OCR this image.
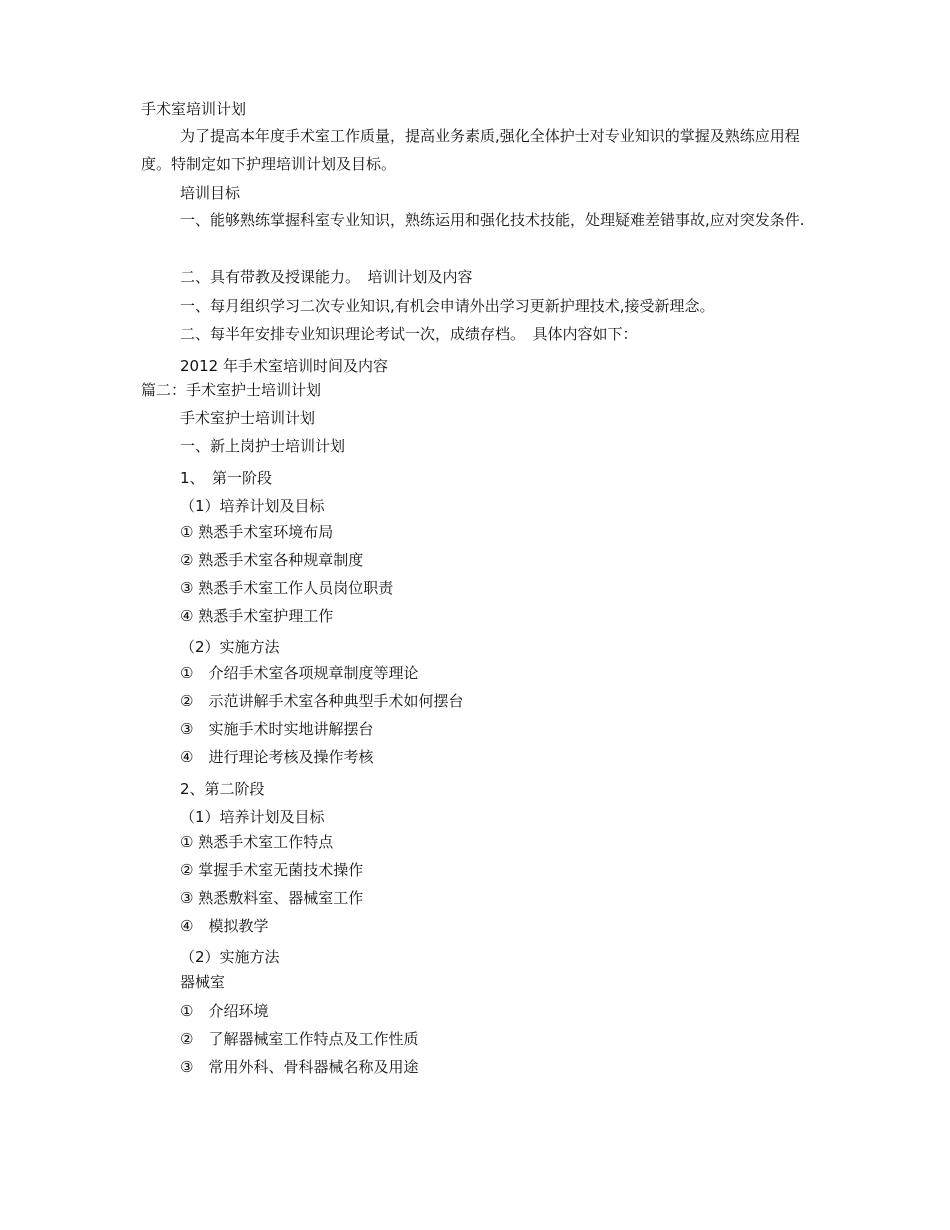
手术室培训计划
为了提高本年度手术室工作质量，提高业务素质,强化全体护士对专业知识的掌握及熟练应用程度。特制定如下护理培训计划及目标。
培训目标
一、能够熟练掌握科室专业知识，熟练运用和强化技术技能，处理疑难差错事故,应对突发条件.
二、具有带教及授课能力。　培训计划及内容
一、每月组织学习二次专业知识,有机会申请外出学习更新护理技术,接受新理念。
二、每半年安排专业知识理论考试一次，成绩存档。　具体内容如下：
2012 年手术室培训时间及内容
篇二：手术室护士培训计划
手术室护士培训计划
一、新上岗护士培训计划
1、　第一阶段
（1）培养计划及目标
① 熟悉手术室环境布局
② 熟悉手术室各种规章制度
③ 熟悉手术室工作人员岗位职责
④ 熟悉手术室护理工作
（2）实施方法
①　介绍手术室各项规章制度等理论
②　示范讲解手术室各种典型手术如何摆台
③　实施手术时实地讲解摆台
④　进行理论考核及操作考核
2、第二阶段
（1）培养计划及目标
① 熟悉手术室工作特点
② 掌握手术室无菌技术操作
③ 熟悉敷料室、器械室工作
④　模拟教学
（2）实施方法
器械室
①　介绍环境
②　了解器械室工作特点及工作性质
③　常用外科、骨科器械名称及用途
